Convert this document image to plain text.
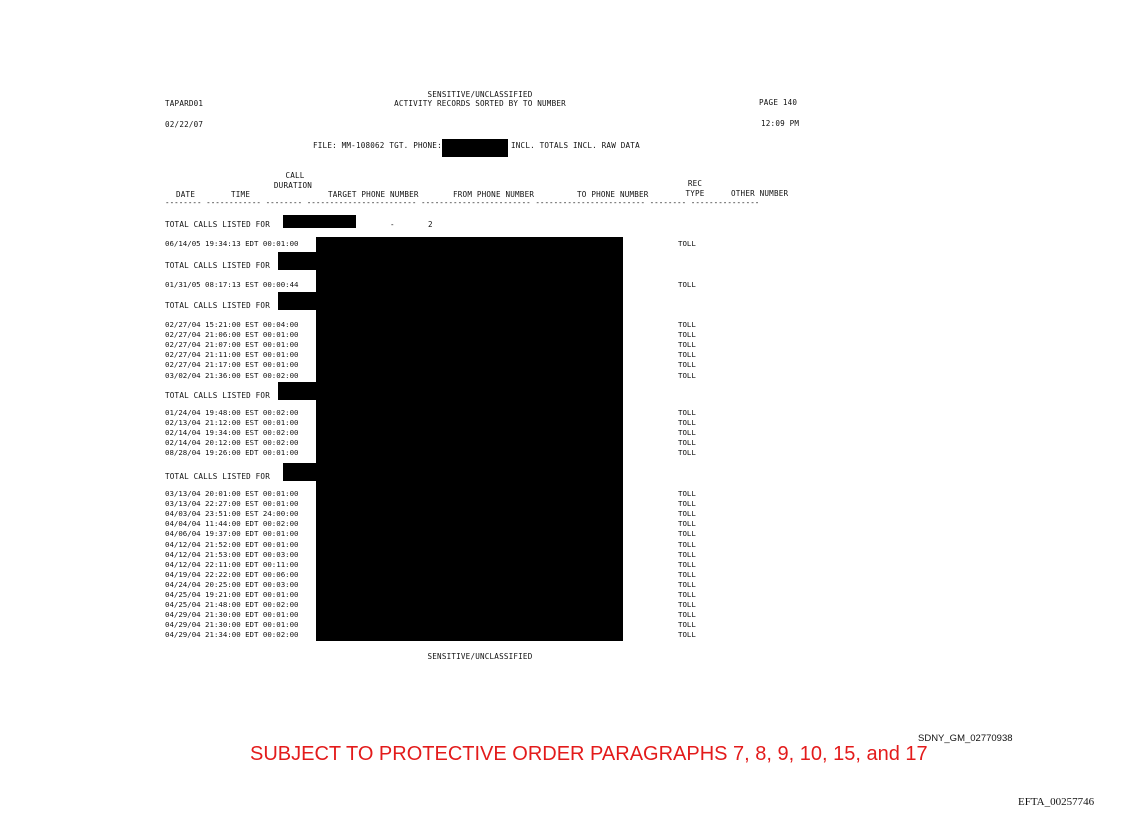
SENSITIVE/UNCLASSIFIED
TAPARD01	ACTIVITY RECORDS SORTED BY TO NUMBER	PAGE 140
02/22/07	12:09 PM
FILE: MM-108062 TGT. PHONE:	INCL. TOTALS INCL. RAW DATA
CALL
DURATION	REC
DATE	TIME	TARGET PHONE NUMBER	FROM PHONE NUMBER	TO PHONE NUMBER	TYPE	OTHER NUMBER
-------- ------------ -------- ------------------------ ------------------------ ------------------------ -------- ---------------
TOTAL CALLS LISTED FOR	-	2
06/14/05 19:34:13 EDT 00:01:00	TOLL
TOTAL CALLS LISTED FOR
01/31/05 08:17:13 EST 00:00:44	TOLL
TOTAL CALLS LISTED FOR
02/27/04 15:21:00 EST 00:04:00	TOLL
02/27/04 21:06:00 EST 00:01:00	TOLL
02/27/04 21:07:00 EST 00:01:00	TOLL
02/27/04 21:11:00 EST 00:01:00	TOLL
02/27/04 21:17:00 EST 00:01:00	TOLL
03/02/04 21:36:00 EST 00:02:00	TOLL
TOTAL CALLS LISTED FOR
01/24/04 19:48:00 EST 00:02:00	TOLL
02/13/04 21:12:00 EST 00:01:00	TOLL
02/14/04 19:34:00 EST 00:02:00	TOLL
02/14/04 20:12:00 EST 00:02:00	TOLL
08/28/04 19:26:00 EDT 00:01:00	TOLL
TOTAL CALLS LISTED FOR
03/13/04 20:01:00 EST 00:01:00	TOLL
03/13/04 22:27:00 EST 00:01:00	TOLL
04/03/04 23:51:00 EST 24:00:00	TOLL
04/04/04 11:44:00 EDT 00:02:00	TOLL
04/06/04 19:37:00 EDT 00:01:00	TOLL
04/12/04 21:52:00 EDT 00:01:00	TOLL
04/12/04 21:53:00 EDT 00:03:00	TOLL
04/12/04 22:11:00 EDT 00:11:00	TOLL
04/19/04 22:22:00 EDT 00:06:00	TOLL
04/24/04 20:25:00 EDT 00:03:00	TOLL
04/25/04 19:21:00 EDT 00:01:00	TOLL
04/25/04 21:48:00 EDT 00:02:00	TOLL
04/29/04 21:30:00 EDT 00:01:00	TOLL
04/29/04 21:30:00 EDT 00:01:00	TOLL
04/29/04 21:34:00 EDT 00:02:00	TOLL
SENSITIVE/UNCLASSIFIED
SDNY_GM_02770938
SUBJECT TO PROTECTIVE ORDER PARAGRAPHS 7, 8, 9, 10, 15, and 17
EFTA_00257746
